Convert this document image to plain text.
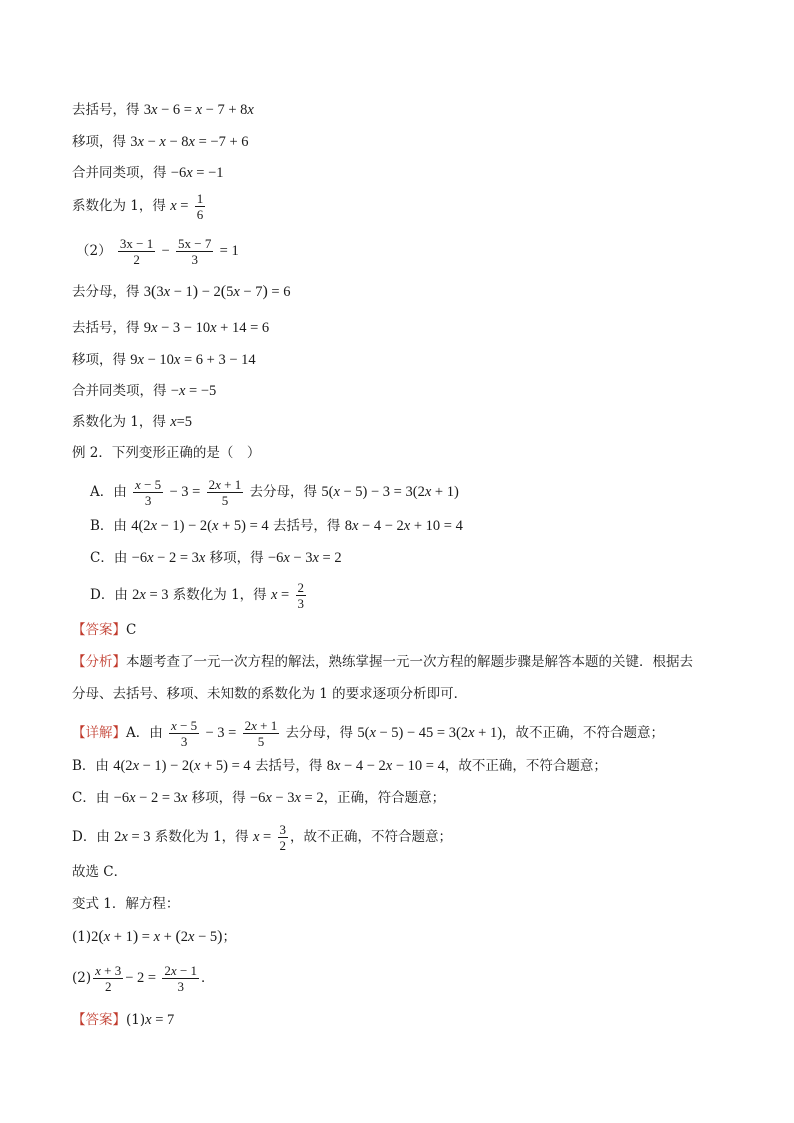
去括号，得 3x − 6 = x − 7 + 8x
移项，得 3x − x − 8x = −7 + 6
合并同类项，得 −6x = −1
系数化为 1，得 $x = \frac{1}{6}$
$(2) \frac{3x - 1}{2} - \frac{5x - 7}{3} = 1$
去分母，得 3(3x − 1) − 2(5x − 7) = 6
去括号，得 9x − 3 − 10x + 14 = 6
移项，得 9x − 10x = 6 + 3 − 14
合并同类项，得 −x = −5
系数化为 1，得 x=5
例 2．下列变形正确的是（　）
A．由 $\frac{x - 5}{3} - 3 = \frac{2x + 1}{5}$ 去分母，得 5(x − 5) − 3 = 3(2x + 1)
B．由 4(2x − 1) − 2(x + 5) = 4 去括号，得 8x − 4 − 2x + 10 = 4
C．由 −6x − 2 = 3x 移项，得 −6x − 3x = 2
D．由 2x = 3 系数化为 1，得 $x = \frac{2}{3}$
【答案】C
【分析】本题考查了一元一次方程的解法，熟练掌握一元一次方程的解题步骤是解答本题的关键．根据去
分母、去括号、移项、未知数的系数化为 1 的要求逐项分析即可．
【详解】A．由 $\frac{x - 5}{3} - 3 = \frac{2x + 1}{5}$ 去分母，得 5(x − 5) − 45 = 3(2x + 1)，故不正确，不符合题意；
B．由 4(2x − 1) − 2(x + 5) = 4 去括号，得 8x − 4 − 2x − 10 = 4，故不正确，不符合题意；
C．由 −6x − 2 = 3x 移项，得 −6x − 3x = 2，正确，符合题意；
D．由 2x = 3 系数化为 1，得 $x = \frac{3}{2}$ ，故不正确，不符合题意；
故选 C．
变式 1．解方程：
(1)2(x + 1) = x + (2x − 5)；
$(2) \frac{x + 3}{2} - 2 = \frac{2x - 1}{3}$ ．
【答案】(1)x = 7
